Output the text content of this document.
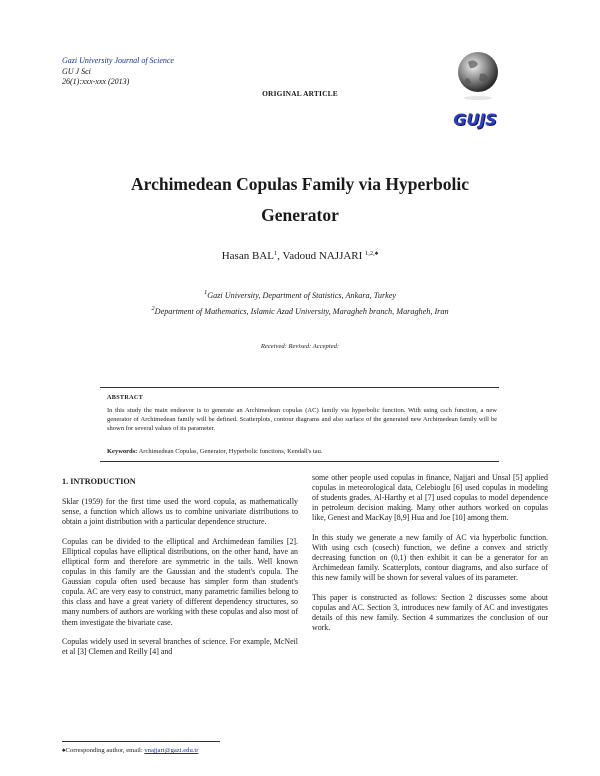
Gazi University Journal of Science
GU J Sci
26(1):xxx-xxx (2013)
ORIGINAL ARTICLE
GUJS
Archimedean Copulas Family via Hyperbolic
Generator
Hasan BAL$^1$, Vadoud NAJJARI $^{1,2,♠}$
$^1$Gazi University, Department of Statistics, Ankara, Turkey
$^2$Department of Mathematics, Islamic Azad University, Maragheh branch, Maragheh, Iran
Received: Revised: Accepted:
ABSTRACT
In this study the main endeavor is to generate an Archimedean copulas (AC) family via hyperbolic function. With using csch function, a new generator of Archimedean family will be defined. Scatterplots, contour diagrams and also surface of the generated new Archimedean family will be shown for several values of its parameter.
Keywords: Archimedean Copulas, Generator, Hyperbolic functions, Kendall's tau.
1. INTRODUCTION

Sklar (1959) for the first time used the word copula, as mathematically sense, a function which allows us to combine univariate distributions to obtain a joint distribution with a particular dependence structure.

Copulas can be divided to the elliptical and Archimedean families [2]. Elliptical copulas have elliptical distributions, on the other hand, have an elliptical form and therefore are symmetric in the tails. Well known copulas in this family are the Gaussian and the student's copula. The Gaussian copula often used because has simpler form than student's copula. AC are very easy to construct, many parametric families belong to this class and have a great variety of different dependency structures, so many numbers of authors are working with these copulas and also most of them investigate the bivariate case.

Copulas widely used in several branches of science. For example, McNeil et al [3] Clemen and Reilly [4] and

some other people used copulas in finance, Najjari and Unsal [5] applied copulas in meteorological data, Celebioglu [6] used copulas in modeling of students grades. Al-Harthy et al [7] used copulas to model dependence in petroleum decision making. Many other authors worked on copulas like, Genest and MacKay [8,9] Hua and Joe [10] among them.

In this study we generate a new family of AC via hyperbolic function. With using csch (cosech) function, we define a convex and strictly decreasing function on (0,1) then exhibit it can be a generator for an Archimedean family. Scatterplots, contour diagrams, and also surface of this new family will be shown for several values of its parameter.

This paper is constructed as follows: Section 2 discusses some about copulas and AC. Section 3, introduces new family of AC and investigates details of this new family. Section 4 summarizes the conclusion of our work.

♠Corresponding author, email: vnajjari@gazi.edu.tr
